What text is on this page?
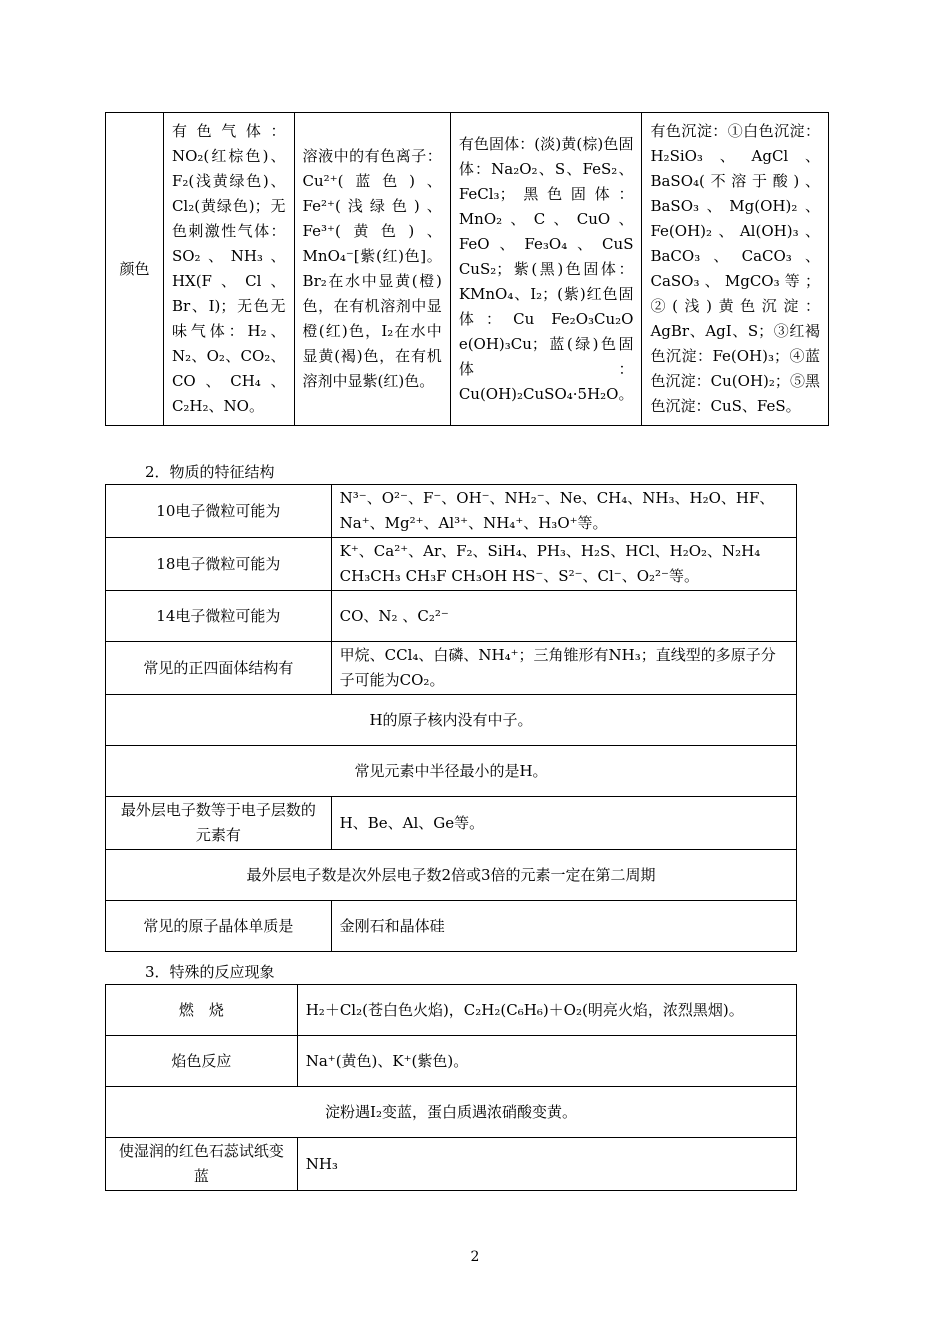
颜色	有色气体：NO₂(红棕色)、F₂(浅黄绿色)、Cl₂(黄绿色)；无色刺激性气体：SO₂、NH₃、HX(F、Cl、Br、I)；无色无味气体：H₂、N₂、O₂、CO₂、CO、CH₄、C₂H₂、NO。	溶液中的有色离子：Cu²⁺(蓝色)、Fe²⁺(浅绿色)、Fe³⁺(黄色)、MnO₄⁻[紫(红)色]。Br₂在水中显黄(橙)色，在有机溶剂中显橙(红)色，I₂在水中显黄(褐)色，在有机溶剂中显紫(红)色。	有色固体：(淡)黄(棕)色固体：Na₂O₂、S、FeS₂、FeCl₃；黑色固体：MnO₂、C、CuO、FeO、Fe₃O₄、CuS CuS₂；紫(黑)色固体：KMnO₄、I₂；(紫)红色固体：Cu Fe₂O₃Cu₂O e(OH)₃Cu；蓝(绿)色固体：Cu(OH)₂CuSO₄·5H₂O。	有色沉淀：①白色沉淀：H₂SiO₃、AgCl、BaSO₄(不溶于酸)、BaSO₃、Mg(OH)₂、Fe(OH)₂、Al(OH)₃、BaCO₃、CaCO₃、CaSO₃、MgCO₃等；②(浅)黄色沉淀：AgBr、AgI、S；③红褐色沉淀：Fe(OH)₃；④蓝色沉淀：Cu(OH)₂；⑤黑色沉淀：CuS、FeS。
2．物质的特征结构
10电子微粒可能为	N³⁻、O²⁻、F⁻、OH⁻、NH₂⁻、Ne、CH₄、NH₃、H₂O、HF、Na⁺、Mg²⁺、Al³⁺、NH₄⁺、H₃O⁺等。
18电子微粒可能为	K⁺、Ca²⁺、Ar、F₂、SiH₄、PH₃、H₂S、HCl、H₂O₂、N₂H₄ CH₃CH₃ CH₃F CH₃OH HS⁻、S²⁻、Cl⁻、O₂²⁻等。
14电子微粒可能为	CO、N₂ 、C₂²⁻
常见的正四面体结构有	甲烷、CCl₄、白磷、NH₄⁺；三角锥形有NH₃；直线型的多原子分子可能为CO₂。
H的原子核内没有中子。	
常见元素中半径最小的是H。	
最外层电子数等于电子层数的元素有	H、Be、Al、Ge等。
最外层电子数是次外层电子数2倍或3倍的元素一定在第二周期	
常见的原子晶体单质是	金刚石和晶体硅
3．特殊的反应现象
燃　烧	H₂＋Cl₂(苍白色火焰)，C₂H₂(C₆H₆)＋O₂(明亮火焰，浓烈黑烟)。
焰色反应	Na⁺(黄色)、K⁺(紫色)。
淀粉遇I₂变蓝，蛋白质遇浓硝酸变黄。	
使湿润的红色石蕊试纸变蓝	NH₃
2
